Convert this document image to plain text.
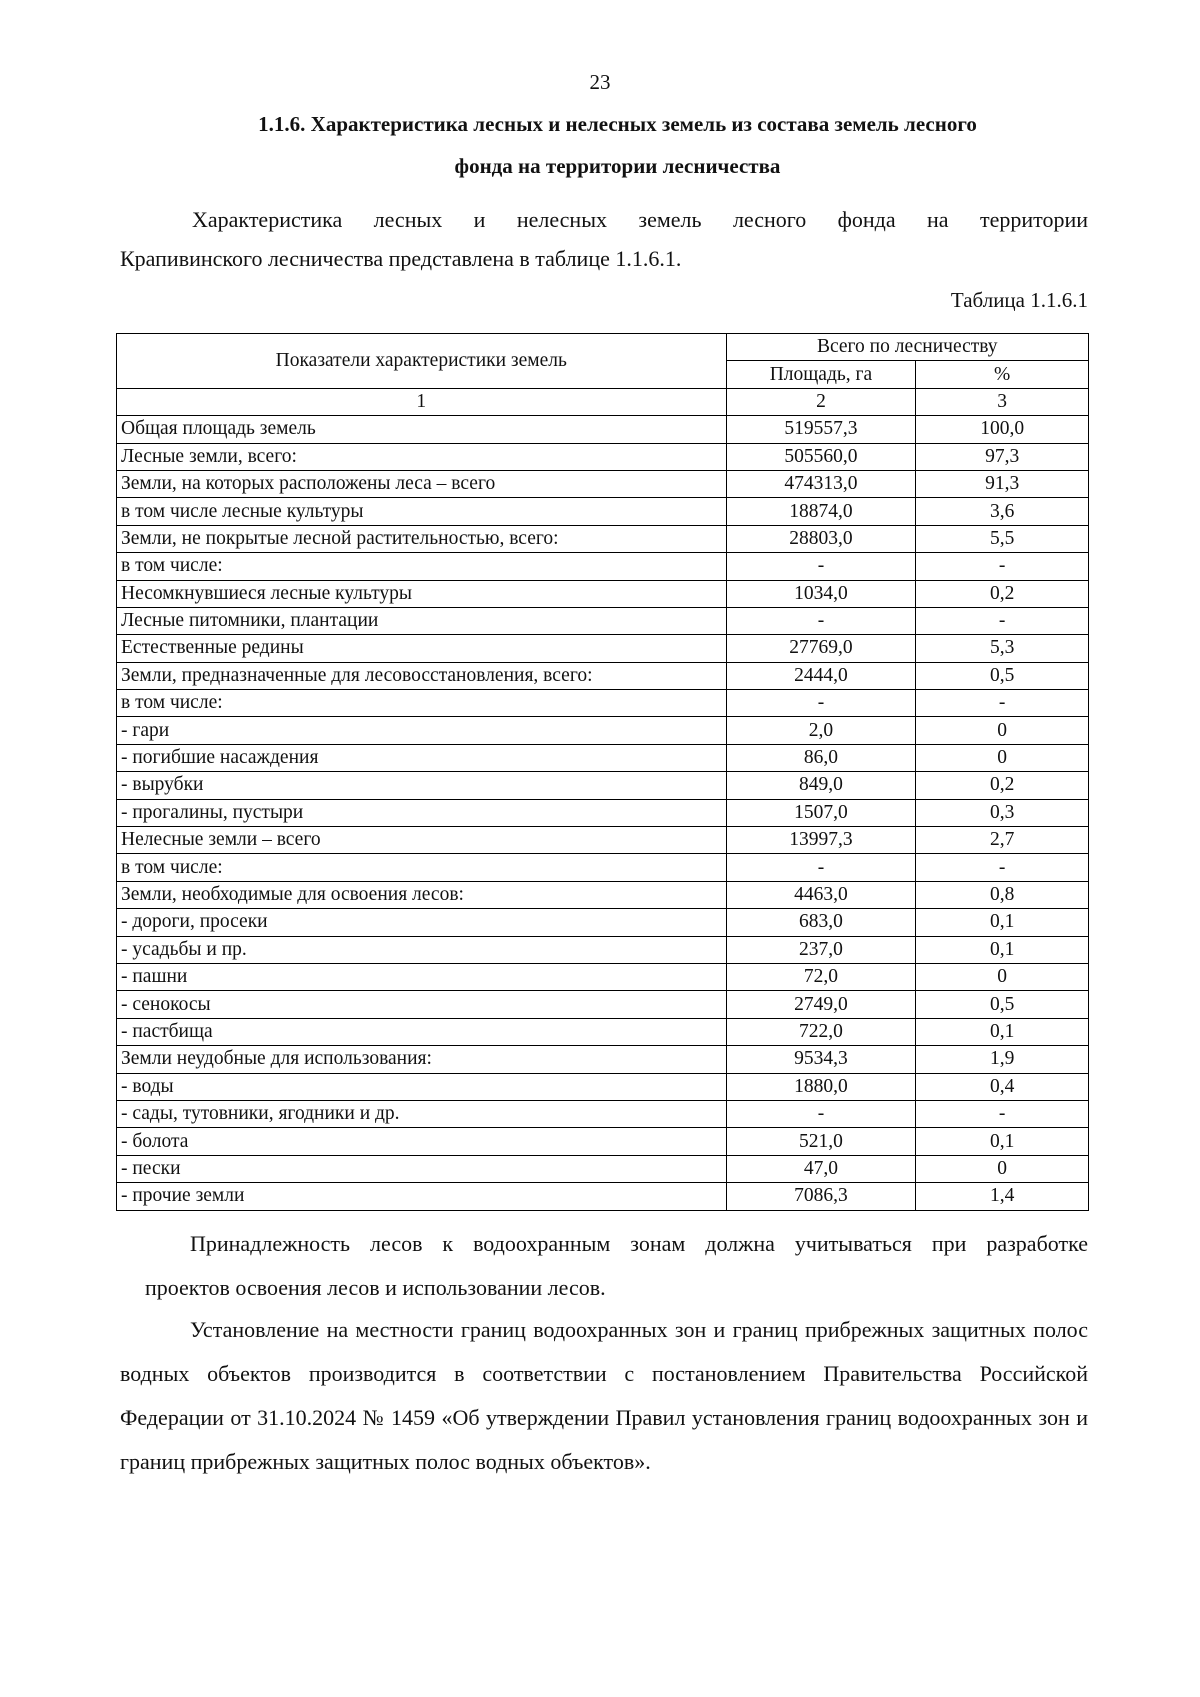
23
1.1.6. Характеристика лесных и нелесных земель из состава земель лесного
фонда на территории лесничества
Характеристика лесных и нелесных земель лесного фонда на территории
Крапивинского лесничества представлена в таблице 1.1.6.1.
Таблица 1.1.6.1
Показатели характеристики земель	Всего по лесничеству	
	Площадь, га	%
1	2	3
Общая площадь земель	519557,3	100,0
Лесные земли, всего:	505560,0	97,3
Земли, на которых расположены леса – всего	474313,0	91,3
в том числе лесные культуры	18874,0	3,6
Земли, не покрытые лесной растительностью, всего:	28803,0	5,5
в том числе:	-	-
Несомкнувшиеся лесные культуры	1034,0	0,2
Лесные питомники, плантации	-	-
Естественные редины	27769,0	5,3
Земли, предназначенные для лесовосстановления, всего:	2444,0	0,5
в том числе:	-	-
- гари	2,0	0
- погибшие насаждения	86,0	0
- вырубки	849,0	0,2
- прогалины, пустыри	1507,0	0,3
Нелесные земли – всего	13997,3	2,7
в том числе:	-	-
Земли, необходимые для освоения лесов:	4463,0	0,8
- дороги, просеки	683,0	0,1
- усадьбы и пр.	237,0	0,1
- пашни	72,0	0
- сенокосы	2749,0	0,5
- пастбища	722,0	0,1
Земли неудобные для использования:	9534,3	1,9
- воды	1880,0	0,4
- сады, тутовники, ягодники и др.	-	-
- болота	521,0	0,1
- пески	47,0	0
- прочие земли	7086,3	1,4
Принадлежность лесов к водоохранным зонам должна учитываться при разработке
проектов освоения лесов и использовании лесов.
Установление на местности границ водоохранных зон и границ прибрежных защитных полос водных объектов производится в соответствии с постановлением Правительства Российской Федерации от 31.10.2024 № 1459 «Об утверждении Правил установления границ водоохранных зон и границ прибрежных защитных полос водных объектов».
